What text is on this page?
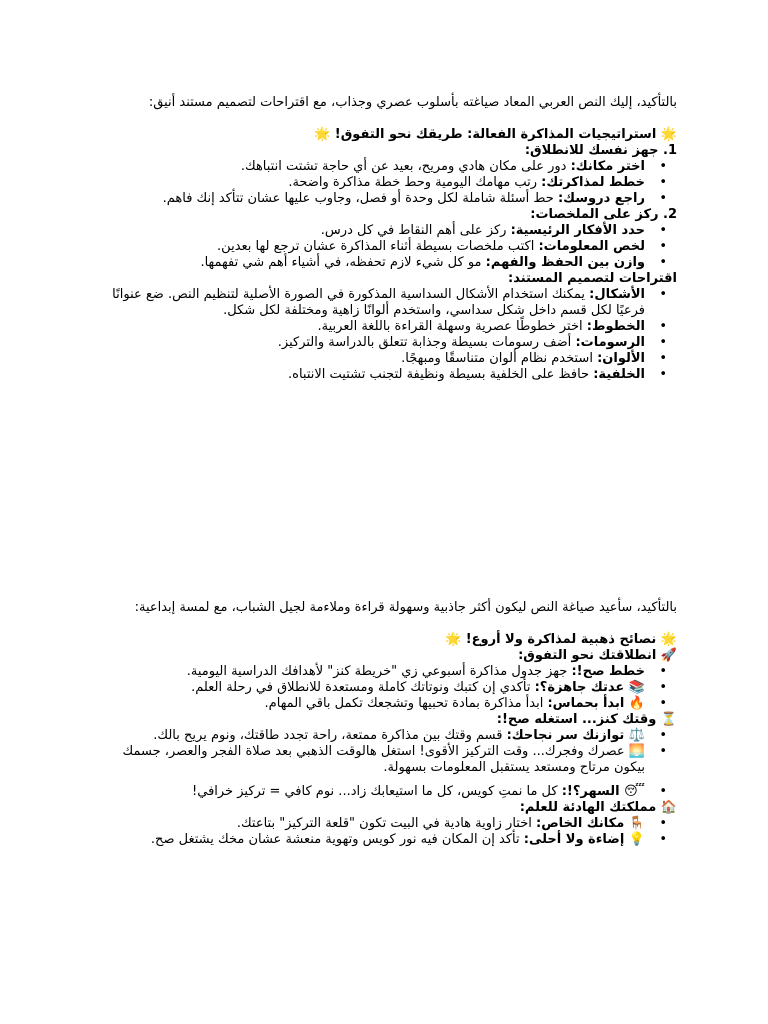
بالتأكيد، إليك النص العربي المعاد صياغته بأسلوب عصري وجذاب، مع اقتراحات لتصميم مستند أنيق:

🌟 استراتيجيات المذاكرة الفعالة: طريقك نحو التفوق! 🌟

1. جهز نفسك للانطلاق:

• اختر مكانك: دور على مكان هادي ومريح، بعيد عن أي حاجة تشتت انتباهك.
• خطط لمذاكرتك: رتب مهامك اليومية وحط خطة مذاكرة واضحة.
• راجع دروسك: حط أسئلة شاملة لكل وحدة أو فصل، وجاوب عليها عشان تتأكد إنك فاهم.

2. ركز على الملخصات:

• حدد الأفكار الرئيسية: ركز على أهم النقاط في كل درس.
• لخص المعلومات: اكتب ملخصات بسيطة أثناء المذاكرة عشان ترجع لها بعدين.
• وازن بين الحفظ والفهم: مو كل شيء لازم تحفظه، في أشياء أهم شي تفهمها.

اقتراحات لتصميم المستند:

• الأشكال: يمكنك استخدام الأشكال السداسية المذكورة في الصورة الأصلية لتنظيم النص. ضع عنوانًا فرعيًا لكل قسم داخل شكل سداسي، واستخدم ألوانًا زاهية ومختلفة لكل شكل.
• الخطوط: اختر خطوطًا عصرية وسهلة القراءة باللغة العربية.
• الرسومات: أضف رسومات بسيطة وجذابة تتعلق بالدراسة والتركيز.
• الألوان: استخدم نظام ألوان متناسقًا ومبهجًا.
• الخلفية: حافظ على الخلفية بسيطة ونظيفة لتجنب تشتيت الانتباه.

بالتأكيد، سأعيد صياغة النص ليكون أكثر جاذبية وسهولة قراءة وملاءمة لجيل الشباب، مع لمسة إبداعية:

🌟 نصائح ذهبية لمذاكرة ولا أروع! 🌟

🚀 انطلاقتك نحو التفوق:

• خطط صح!: جهز جدول مذاكرة أسبوعي زي "خريطة كنز" لأهدافك الدراسية اليومية.
• 📚 عدتك جاهزة؟: تأكدي إن كتبك ونوتاتك كاملة ومستعدة للانطلاق في رحلة العلم.
• 🔥 ابدأ بحماس: ابدأ مذاكرة بمادة تحبيها وتشجعك تكمل باقي المهام.

⏳ وقتك كنز... استغله صح!:

• ⚖️ توازنك سر نجاحك: قسم وقتك بين مذاكرة ممتعة، راحة تجدد طاقتك، ونوم يريح بالك.
• 🌅 عصرك وفجرك... وقت التركيز الأقوى! استغل هالوقت الذهبي بعد صلاة الفجر والعصر، جسمك بيكون مرتاح ومستعد يستقبل المعلومات بسهولة.
• 😴 السهر؟!: كل ما نمتِ كويس، كل ما استيعابك زاد... نوم كافي = تركيز خرافي!

🏠 مملكتك الهادئة للعلم:

• 🪑 مكانك الخاص: اختار زاوية هادية في البيت تكون "قلعة التركيز" بتاعتك.
• 💡 إضاءة ولا أحلى: تأكد إن المكان فيه نور كويس وتهوية منعشة عشان مخك يشتغل صح.
